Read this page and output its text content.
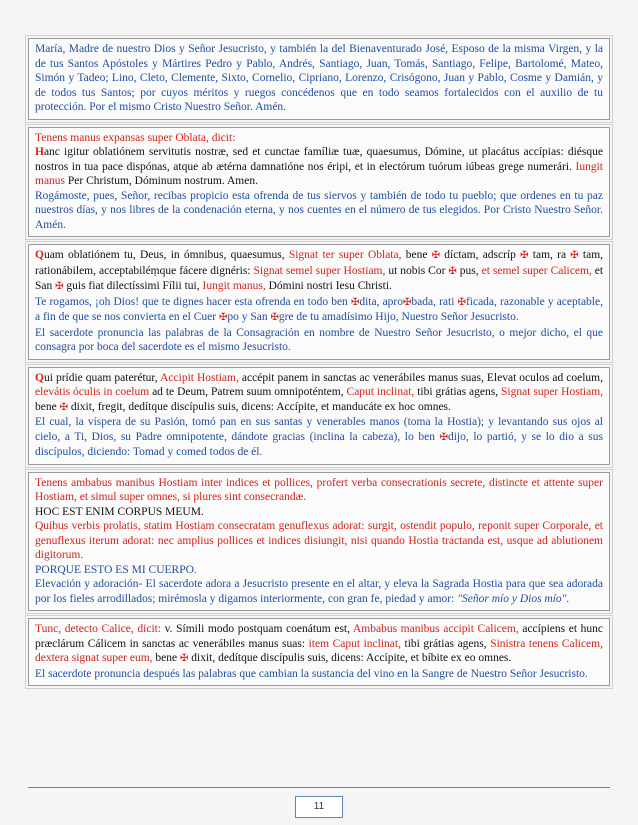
María, Madre de nuestro Dios y Señor Jesucristo, y también la del Bienaventurado José, Esposo de la misma Virgen, y la de tus Santos Apóstoles y Mártires Pedro y Pablo, Andrés, Santiago, Juan, Tomás, Santiago, Felipe, Bartolomé, Mateo, Simón y Tadeo; Lino, Cleto, Clemente, Sixto, Cornelio, Cipriano, Lorenzo, Crisógono, Juan y Pablo, Cosme y Damián, y de todos tus Santos; por cuyos méritos y ruegos concédenos que en todo seamos fortalecidos con el auxilio de tu protección. Por el mismo Cristo Nuestro Señor. Amén.
Tenens manus expansas super Oblata, dicit:
Hanc igitur oblatiónem servitutis nostræ, sed et cunctae famíliæ tuæ, quaesumus, Dómine, ut placátus accípias: diésque nostros in tua pace dispónas, atque ab ætérna damnatióne nos éripi, et in electórum tuórum iúbeas grege numerári. Iungit manus Per Christum, Dóminum nostrum. Amen.
Rogámoste, pues, Señor, recibas propicio esta ofrenda de tus siervos y también de todo tu pueblo; que ordenes en tu paz nuestros días, y nos libres de la condenación eterna, y nos cuentes en el número de tus elegidos. Por Cristo Nuestro Señor. Amén.
Quam oblatiónem tu, Deus, in ómnibus, quaesumus, Signat ter super Oblata, bene ✠ díctam, adscríp ✠ tam, ra ✠ tam, rationábilem, acceptabiléṃque fácere dignéris: Signat semel super Hostiam, ut nobis Cor ✠ pus, et semel super Calicem, et San ✠ guis fiat dilectíssimi Fílii tui, Iungit manus, Dómini nostri Iesu Christi.
Te rogamos, ¡oh Dios! que te dignes hacer esta ofrenda en todo ben ✠dita, apro✠bada, rati ✠ficada, razonable y aceptable, a fin de que se nos convierta en el Cuer ✠po y San ✠gre de tu amadísimo Hijo, Nuestro Señor Jesucristo.
El sacerdote pronuncia las palabras de la Consagración en nombre de Nuestro Señor Jesucristo, o mejor dicho, el que consagra por boca del sacerdote es el mismo Jesucristo.
Qui prídie quam paterétur, Accipit Hostiam, accépit panem in sanctas ac venerábiles manus suas, Elevat oculos ad coelum, elevátis óculis in coelum ad te Deum, Patrem suum omnipoténtem, Caput inclinat, tibi grátias agens, Signat super Hostiam, bene ✠ dixit, fregit, dedítque discípulis suis, dicens: Accípite, et manducáte ex hoc omnes.
El cual, la víspera de su Pasión, tomó pan en sus santas y venerables manos (toma la Hostia); y levantando sus ojos al cielo, a Ti, Dios, su Padre omnipotente, dándote gracias (inclina la cabeza), lo ben ✠dijo, lo partió, y se lo dio a sus discípulos, diciendo: Tomad y comed todos de él.
Tenens ambabus manibus Hostiam inter indices et pollices, profert verba consecrationis secrete, distincte et attente super Hostiam, et simul super omnes, si plures sint consecrandæ.
HOC EST ENIM CORPUS MEUM.
Quibus verbis prolatis, statim Hostiam consecratam genuflexus adorat: surgit, ostendit populo, reponit super Corporale, et genuflexus iterum adorat: nec amplius pollices et indices disiungit, nisi quando Hostia tractanda est, usque ad ablutionem digitorum.
PORQUE ESTO ES MI CUERPO.
Elevación y adoración- El sacerdote adora a Jesucristo presente en el altar, y eleva la Sagrada Hostia para que sea adorada por los fieles arrodillados; mirémosla y digamos interiormente, con gran fe, piedad y amor: "Señor mío y Dios mío".
Tunc, detecto Calice, dicit: v. Símili modo postquam coenátum est, Ambabus manibus accipit Calicem, accípiens et hunc præclárum Cálicem in sanctas ac venerábiles manus suas: item Caput inclinat, tibi grátias agens, Sinistra tenens Calicem, dextera signat super eum, bene ✠ dixit, dedítque discípulis suis, dicens: Accípite, et bíbite ex eo omnes.
El sacerdote pronuncia después las palabras que cambian la sustancia del vino en la Sangre de Nuestro Señor Jesucristo.
11
